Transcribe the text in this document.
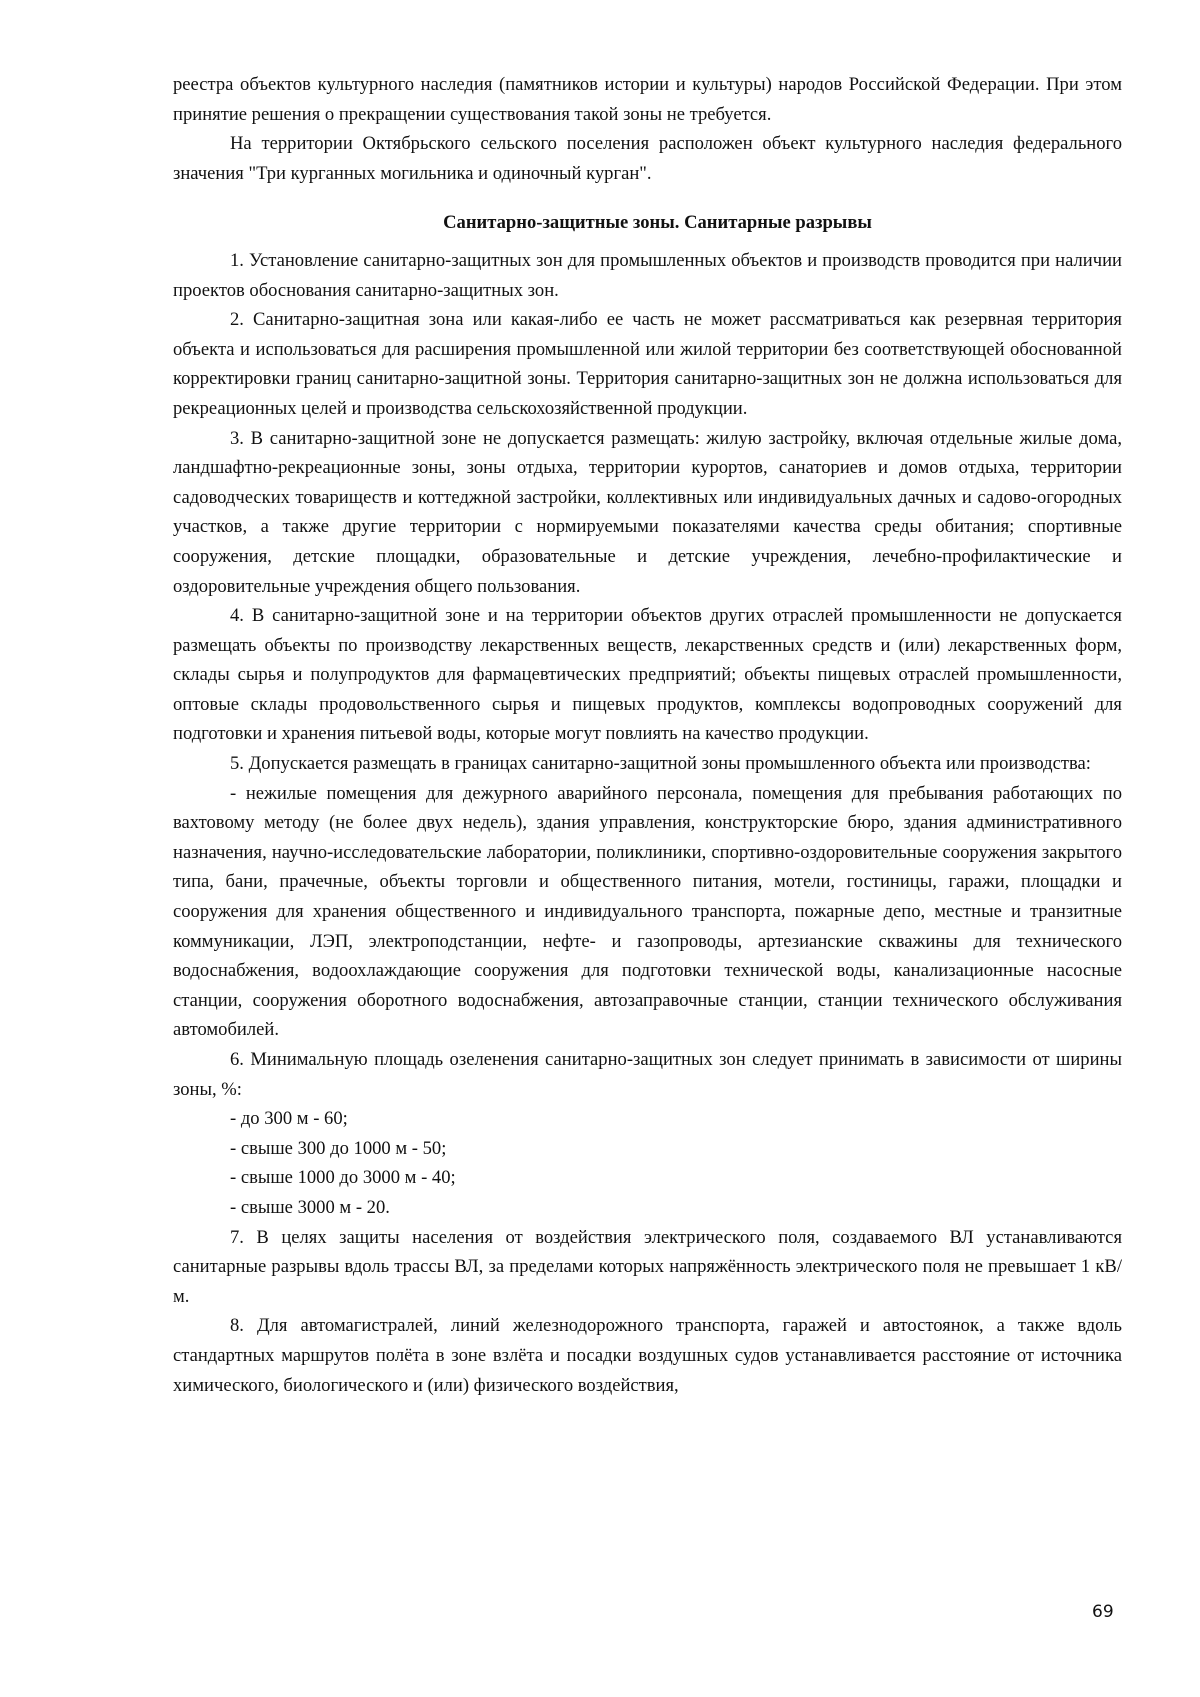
реестра объектов культурного наследия (памятников истории и культуры) народов Российской Федерации. При этом принятие решения о прекращении существования такой зоны не требуется.

На территории Октябрьского сельского поселения расположен объект культурного наследия федерального значения "Три курганных могильника и одиночный курган".

Санитарно-защитные зоны. Санитарные разрывы

1. Установление санитарно-защитных зон для промышленных объектов и производств проводится при наличии проектов обоснования санитарно-защитных зон.

2. Санитарно-защитная зона или какая-либо ее часть не может рассматриваться как резервная территория объекта и использоваться для расширения промышленной или жилой территории без соответствующей обоснованной корректировки границ санитарно-защитной зоны. Территория санитарно-защитных зон не должна использоваться для рекреационных целей и производства сельскохозяйственной продукции.

3. В санитарно-защитной зоне не допускается размещать: жилую застройку, включая отдельные жилые дома, ландшафтно-рекреационные зоны, зоны отдыха, территории курортов, санаториев и домов отдыха, территории садоводческих товариществ и коттеджной застройки, коллективных или индивидуальных дачных и садово-огородных участков, а также другие территории с нормируемыми показателями качества среды обитания; спортивные сооружения, детские площадки, образовательные и детские учреждения, лечебно-профилактические и оздоровительные учреждения общего пользования.

4. В санитарно-защитной зоне и на территории объектов других отраслей промышленности не допускается размещать объекты по производству лекарственных веществ, лекарственных средств и (или) лекарственных форм, склады сырья и полупродуктов для фармацевтических предприятий; объекты пищевых отраслей промышленности, оптовые склады продовольственного сырья и пищевых продуктов, комплексы водопроводных сооружений для подготовки и хранения питьевой воды, которые могут повлиять на качество продукции.

5. Допускается размещать в границах санитарно-защитной зоны промышленного объекта или производства:

- нежилые помещения для дежурного аварийного персонала, помещения для пребывания работающих по вахтовому методу (не более двух недель), здания управления, конструкторские бюро, здания административного назначения, научно-исследовательские лаборатории, поликлиники, спортивно-оздоровительные сооружения закрытого типа, бани, прачечные, объекты торговли и общественного питания, мотели, гостиницы, гаражи, площадки и сооружения для хранения общественного и индивидуального транспорта, пожарные депо, местные и транзитные коммуникации, ЛЭП, электроподстанции, нефте- и газопроводы, артезианские скважины для технического водоснабжения, водоохлаждающие сооружения для подготовки технической воды, канализационные насосные станции, сооружения оборотного водоснабжения, автозаправочные станции, станции технического обслуживания автомобилей.

6. Минимальную площадь озеленения санитарно-защитных зон следует принимать в зависимости от ширины зоны, %:

- до 300 м - 60;

- свыше 300 до 1000 м - 50;

- свыше 1000 до 3000 м - 40;

- свыше 3000 м - 20.

7. В целях защиты населения от воздействия электрического поля, создаваемого ВЛ устанавливаются санитарные разрывы вдоль трассы ВЛ, за пределами которых напряжённость электрического поля не превышает 1 кВ/м.

8. Для автомагистралей, линий железнодорожного транспорта, гаражей и автостоянок, а также вдоль стандартных маршрутов полёта в зоне взлёта и посадки воздушных судов устанавливается расстояние от источника химического, биологического и (или) физического воздействия,

69
